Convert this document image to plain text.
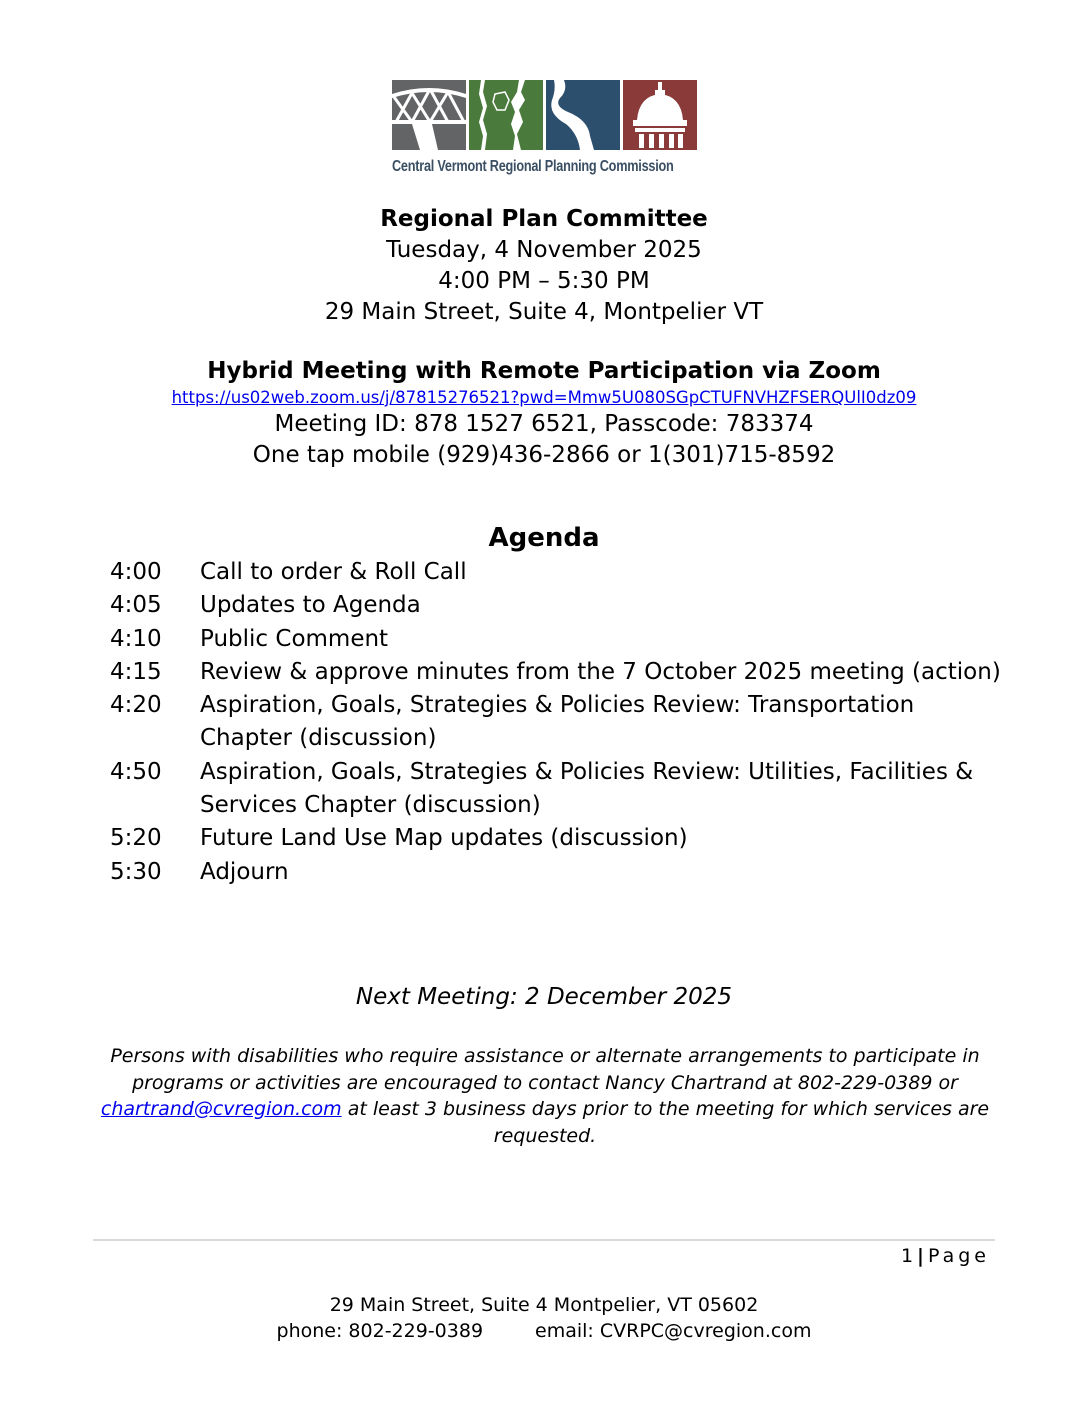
Central Vermont Regional Planning Commission
Regional Plan Committee
Tuesday, 4 November 2025
4:00 PM – 5:30 PM
29 Main Street, Suite 4, Montpelier VT
Hybrid Meeting with Remote Participation via Zoom
https://us02web.zoom.us/j/87815276521?pwd=Mmw5U080SGpCTUFNVHZFSERQUlI0dz09
Meeting ID: 878 1527 6521, Passcode: 783374
One tap mobile (929)436-2866 or 1(301)715-8592
Agenda
4:00	Call to order & Roll Call
4:05	Updates to Agenda
4:10	Public Comment
4:15	Review & approve minutes from the 7 October 2025 meeting (action)
4:20	Aspiration, Goals, Strategies & Policies Review: Transportation Chapter (discussion)
4:50	Aspiration, Goals, Strategies & Policies Review: Utilities, Facilities & Services Chapter (discussion)
5:20	Future Land Use Map updates (discussion)
5:30	Adjourn
Next Meeting: 2 December 2025
Persons with disabilities who require assistance or alternate arrangements to participate in programs or activities are encouraged to contact Nancy Chartrand at 802-229-0389 or chartrand@cvregion.com at least 3 business days prior to the meeting for which services are requested.
1 | Page
29 Main Street, Suite 4 Montpelier, VT 05602
phone: 802-229-0389	email: CVRPC@cvregion.com
